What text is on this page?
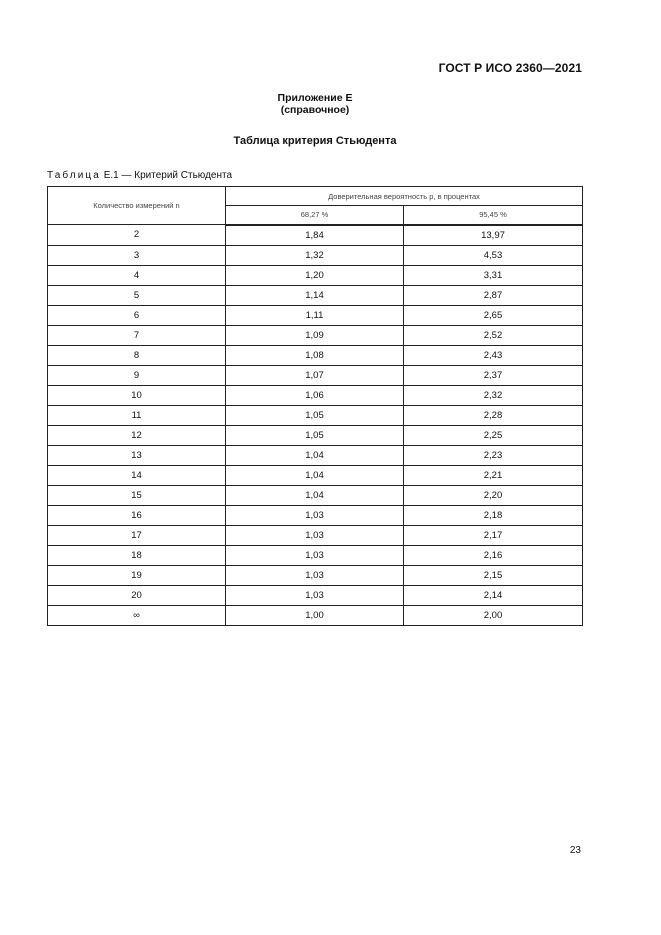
ГОСТ Р ИСО 2360—2021
Приложение Е
(справочное)
Таблица критерия Стьюдента
Таблица Е.1 — Критерий Стьюдента
Количество измерений n	Доверительная вероятность p, в процентах	
	68,27 %	95,45 %
2	1,84	13,97
3	1,32	4,53
4	1,20	3,31
5	1,14	2,87
6	1,11	2,65
7	1,09	2,52
8	1,08	2,43
9	1,07	2,37
10	1,06	2,32
11	1,05	2,28
12	1,05	2,25
13	1,04	2,23
14	1,04	2,21
15	1,04	2,20
16	1,03	2,18
17	1,03	2,17
18	1,03	2,16
19	1,03	2,15
20	1,03	2,14
∞	1,00	2,00
23
